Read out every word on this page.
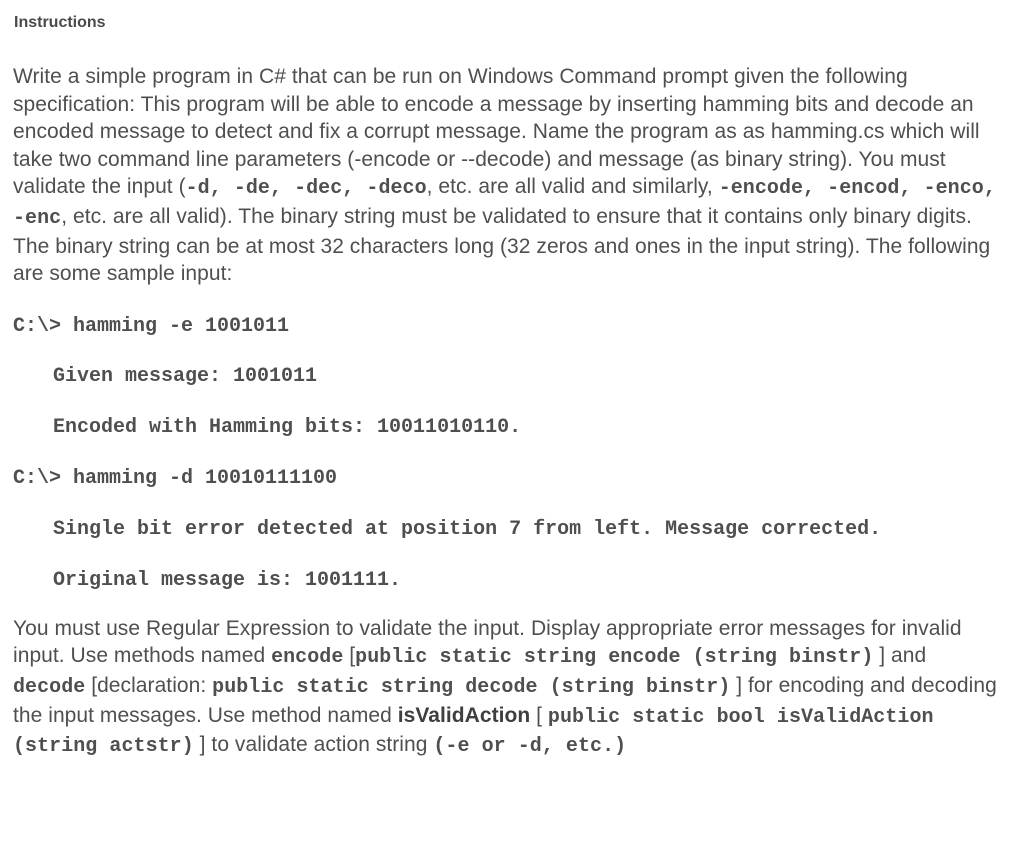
Instructions
Write a simple program in C# that can be run on Windows Command prompt given the following specification: This program will be able to encode a message by inserting hamming bits and decode an encoded message to detect and fix a corrupt message. Name the program as as hamming.cs which will take two command line parameters (-encode or --decode) and message (as binary string). You must validate the input (-d, -de, -dec, -deco, etc. are all valid and similarly, -encode, -encod, -enco, -enc, etc. are all valid). The binary string must be validated to ensure that it contains only binary digits. The binary string can be at most 32 characters long (32 zeros and ones in the input string). The following are some sample input:
C:\> hamming -e 1001011
Given message: 1001011
Encoded with Hamming bits: 10011010110.
C:\> hamming -d 10010111100
Single bit error detected at position 7 from left. Message corrected.
Original message is: 1001111.
You must use Regular Expression to validate the input. Display appropriate error messages for invalid input. Use methods named encode [public static string encode (string binstr) ] and decode [declaration: public static string decode (string binstr) ] for encoding and decoding the input messages. Use method named isValidAction [ public static bool isValidAction (string actstr) ] to validate action string (-e or -d, etc.)
